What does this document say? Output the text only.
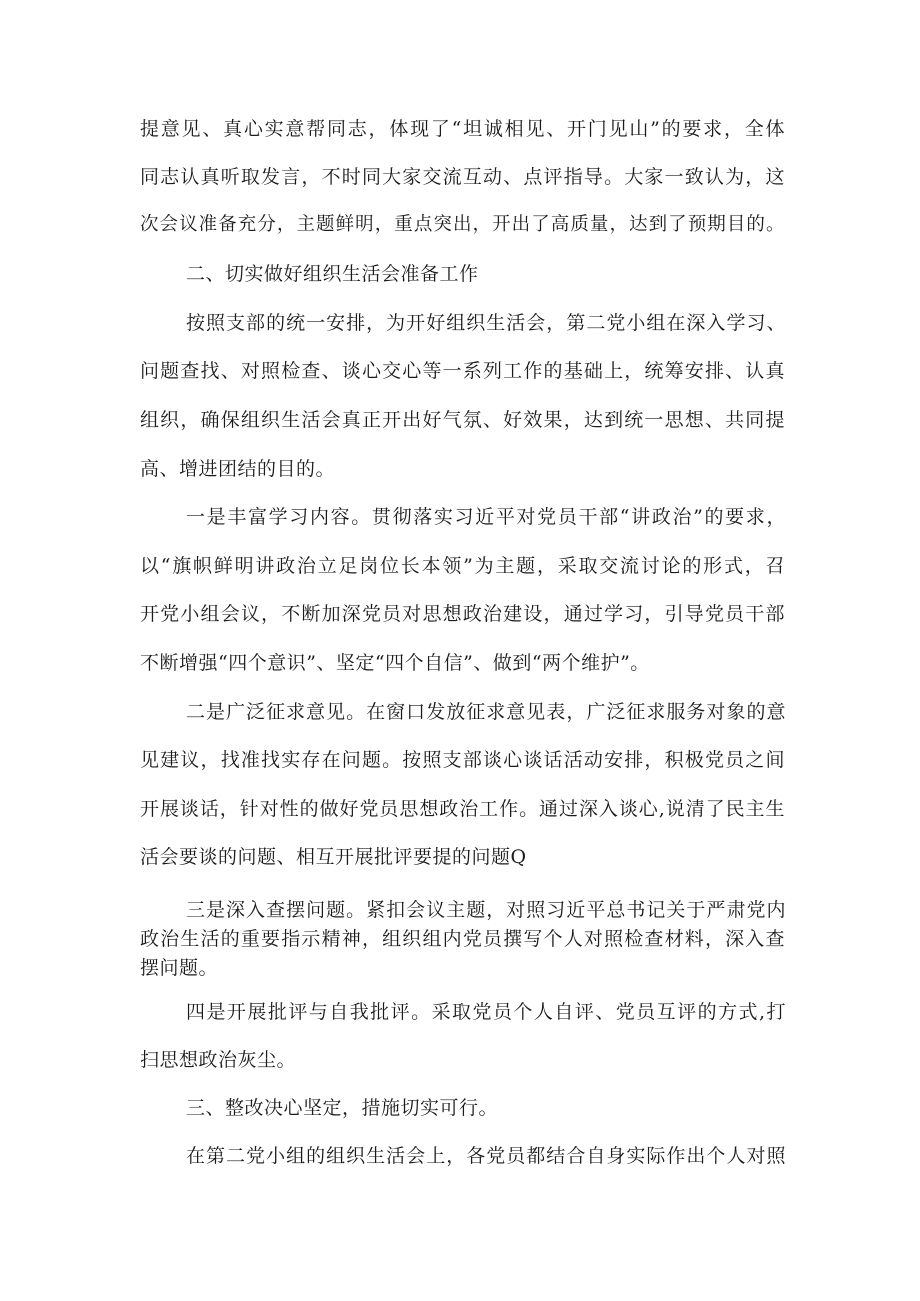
提意见、真心实意帮同志，体现了“坦诚相见、开门见山”的要求，全体
同志认真听取发言，不时同大家交流互动、点评指导。大家一致认为，这
次会议准备充分，主题鲜明，重点突出，开出了高质量，达到了预期目的。
二、切实做好组织生活会准备工作
按照支部的统一安排，为开好组织生活会，第二党小组在深入学习、
问题查找、对照检查、谈心交心等一系列工作的基础上，统筹安排、认真
组织，确保组织生活会真正开出好气氛、好效果，达到统一思想、共同提
高、增进团结的目的。
一是丰富学习内容。贯彻落实习近平对党员干部“讲政治”的要求，
以“旗帜鲜明讲政治立足岗位长本领”为主题，采取交流讨论的形式，召
开党小组会议，不断加深党员对思想政治建设，通过学习，引导党员干部
不断增强“四个意识”、坚定“四个自信”、做到“两个维护”。
二是广泛征求意见。在窗口发放征求意见表，广泛征求服务对象的意
见建议，找准找实存在问题。按照支部谈心谈话活动安排，积极党员之间
开展谈话，针对性的做好党员思想政治工作。通过深入谈心,说清了民主生
活会要谈的问题、相互开展批评要提的问题Q
三是深入查摆问题。紧扣会议主题，对照习近平总书记关于严肃党内
政治生活的重要指示精神，组织组内党员撰写个人对照检查材料，深入查
摆问题。
四是开展批评与自我批评。采取党员个人自评、党员互评的方式,打
扫思想政治灰尘。
三、整改决心坚定，措施切实可行。
在第二党小组的组织生活会上，各党员都结合自身实际作出个人对照
